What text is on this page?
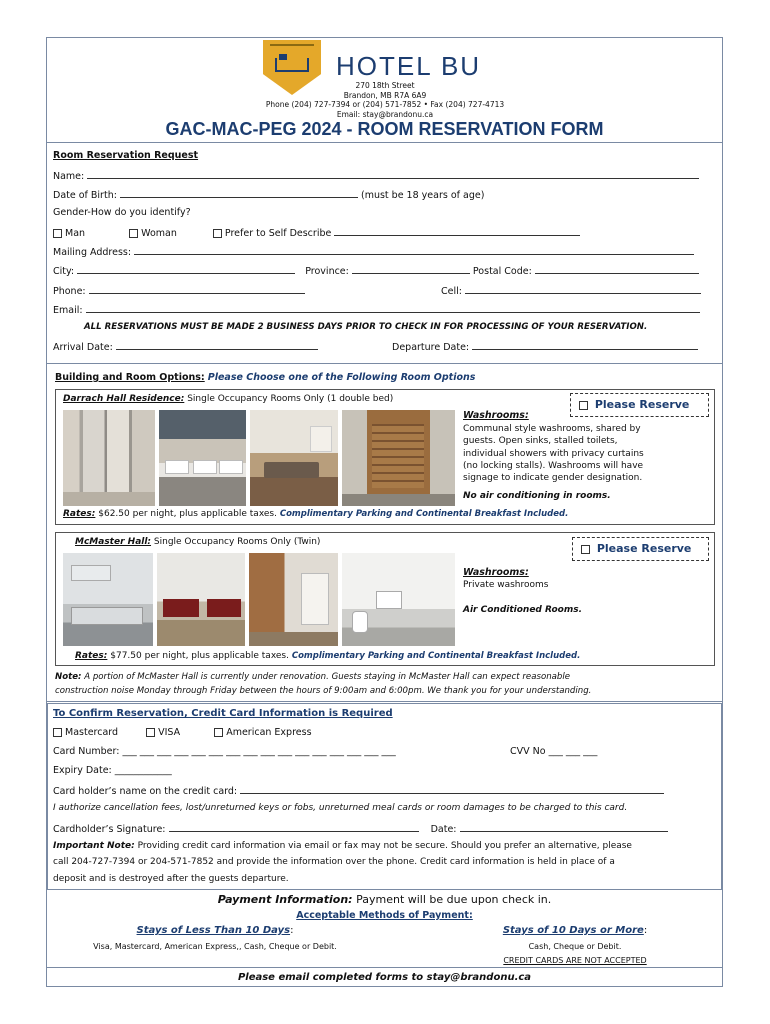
HOTEL BU
270 18th Street
Brandon, MB R7A 6A9
Phone (204) 727-7394 or (204) 571-7852 • Fax (204) 727-4713
Email: stay@brandonu.ca
GAC-MAC-PEG 2024 - ROOM RESERVATION FORM
Room Reservation Request
Name:
Date of Birth:	(must be 18 years of age)
Gender-How do you identify?
Man	Woman	Prefer to Self Describe
Mailing Address:
City:	Province:	Postal Code:
Phone:	Cell:
Email:
ALL RESERVATIONS MUST BE MADE 2 BUSINESS DAYS PRIOR TO CHECK IN FOR PROCESSING OF YOUR RESERVATION.
Arrival Date:	Departure Date:
Building and Room Options: Please Choose one of the Following Room Options
Darrach Hall Residence: Single Occupancy Rooms Only (1 double bed)	Please Reserve
Washrooms:
Communal style washrooms, shared by
guests. Open sinks, stalled toilets,
individual showers with privacy curtains
(no locking stalls). Washrooms will have
signage to indicate gender designation.
No air conditioning in rooms.
Rates: $62.50 per night, plus applicable taxes. Complimentary Parking and Continental Breakfast Included.
McMaster Hall: Single Occupancy Rooms Only (Twin)	Please Reserve
Washrooms:
Private washrooms
Air Conditioned Rooms.
Rates: $77.50 per night, plus applicable taxes. Complimentary Parking and Continental Breakfast Included.
Note: A portion of McMaster Hall is currently under renovation. Guests staying in McMaster Hall can expect reasonable
construction noise Monday through Friday between the hours of 9:00am and 6:00pm. We thank you for your understanding.
To Confirm Reservation, Credit Card Information is Required
Mastercard	VISA	American Express
Card Number: ___ ___ ___ ___ ___ ___ ___ ___ ___ ___ ___ ___ ___ ___ ___ ___	CVV No ___ ___ ___
Expiry Date: ____________
Card holder’s name on the credit card:
I authorize cancellation fees, lost/unreturned keys or fobs, unreturned meal cards or room damages to be charged to this card.
Cardholder’s Signature:	Date:
Important Note: Providing credit card information via email or fax may not be secure. Should you prefer an alternative, please
call 204-727-7394 or 204-571-7852 and provide the information over the phone. Credit card information is held in place of a
deposit and is destroyed after the guests departure.
Payment Information: Payment will be due upon check in.
Acceptable Methods of Payment:
Stays of Less Than 10 Days:
Visa, Mastercard, American Express,, Cash, Cheque or Debit.
Stays of 10 Days or More:
Cash, Cheque or Debit.
CREDIT CARDS ARE NOT ACCEPTED
Please email completed forms to stay@brandonu.ca
